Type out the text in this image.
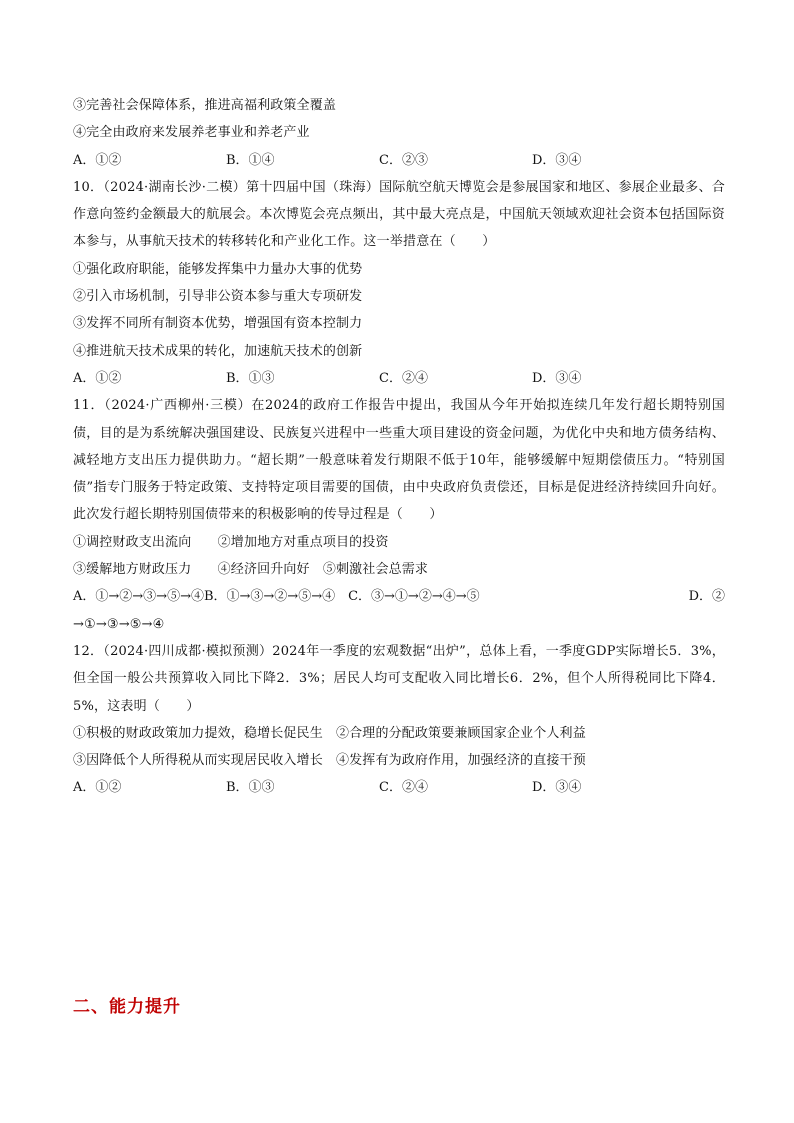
③完善社会保障体系，推进高福利政策全覆盖
④完全由政府来发展养老事业和养老产业
A．①②	B．①④	C．②③	D．③④
10．（2024·湖南长沙·二模）第十四届中国（珠海）国际航空航天博览会是参展国家和地区、参展企业最多、合作意向签约金额最大的航展会。本次博览会亮点频出，其中最大亮点是，中国航天领域欢迎社会资本包括国际资本参与，从事航天技术的转移转化和产业化工作。这一举措意在（　　）
①强化政府职能，能够发挥集中力量办大事的优势
②引入市场机制，引导非公资本参与重大专项研发
③发挥不同所有制资本优势，增强国有资本控制力
④推进航天技术成果的转化，加速航天技术的创新
A．①②	B．①③	C．②④	D．③④
11．（2024·广西柳州·三模）在2024的政府工作报告中提出，我国从今年开始拟连续几年发行超长期特别国债，目的是为系统解决强国建设、民族复兴进程中一些重大项目建设的资金问题，为优化中央和地方债务结构、减轻地方支出压力提供助力。“超长期”一般意味着发行期限不低于10年，能够缓解中短期偿债压力。“特别国债”指专门服务于特定政策、支持特定项目需要的国债，由中央政府负责偿还，目标是促进经济持续回升向好。此次发行超长期特别国债带来的积极影响的传导过程是（　　）
①调控财政支出流向　　②增加地方对重点项目的投资
③缓解地方财政压力　　④经济回升向好　⑤刺激社会总需求
A．①→②→③→⑤→④B．①→③→②→⑤→④　C．③→①→②→④→⑤	D．②
→①→③→⑤→④
12．（2024·四川成都·模拟预测）2024年一季度的宏观数据“出炉”，总体上看，一季度GDP实际增长5．3%，但全国一般公共预算收入同比下降2．3%；居民人均可支配收入同比增长6．2%，但个人所得税同比下降4．5%，这表明（　　）
①积极的财政政策加力提效，稳增长促民生　②合理的分配政策要兼顾国家企业个人利益
③因降低个人所得税从而实现居民收入增长　④发挥有为政府作用，加强经济的直接干预
A．①②	B．①③	C．②④	D．③④
二、能力提升
